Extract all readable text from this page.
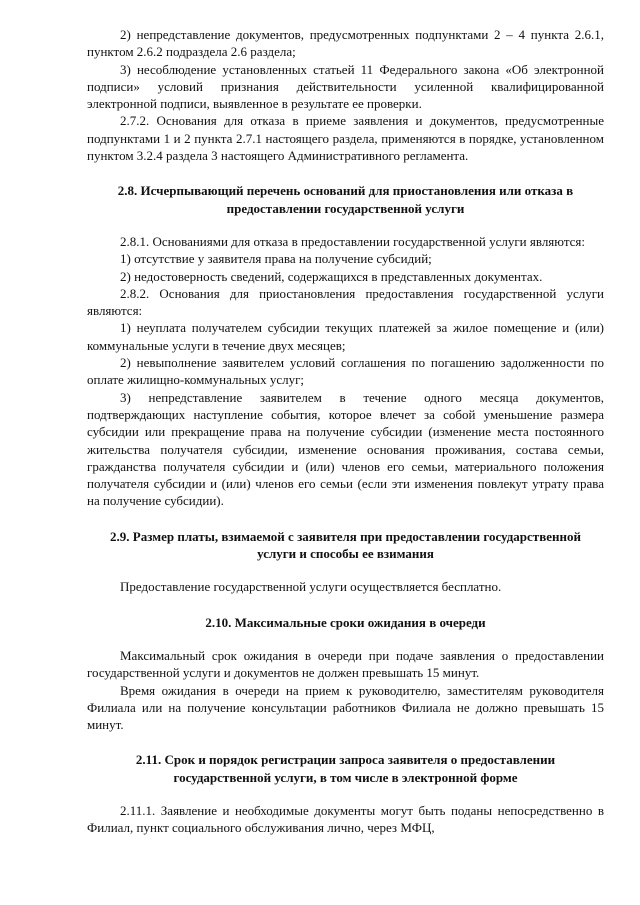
2) непредставление документов, предусмотренных подпунктами 2 – 4 пункта 2.6.1, пунктом 2.6.2 подраздела 2.6 раздела;

3) несоблюдение установленных статьей 11 Федерального закона «Об электронной подписи» условий признания действительности усиленной квалифицированной электронной подписи, выявленное в результате ее проверки.

2.7.2. Основания для отказа в приеме заявления и документов, предусмотренные подпунктами 1 и 2 пункта 2.7.1 настоящего раздела, применяются в порядке, установленном пунктом 3.2.4 раздела 3 настоящего Административного регламента.

2.8. Исчерпывающий перечень оснований для приостановления или отказа в предоставлении государственной услуги

2.8.1. Основаниями для отказа в предоставлении государственной услуги являются:

1) отсутствие у заявителя права на получение субсидий;

2) недостоверность сведений, содержащихся в представленных документах.

2.8.2. Основания для приостановления предоставления государственной услуги являются:

1) неуплата получателем субсидии текущих платежей за жилое помещение и (или) коммунальные услуги в течение двух месяцев;

2) невыполнение заявителем условий соглашения по погашению задолженности по оплате жилищно-коммунальных услуг;

3) непредставление заявителем в течение одного месяца документов, подтверждающих наступление события, которое влечет за собой уменьшение размера субсидии или прекращение права на получение субсидии (изменение места постоянного жительства получателя субсидии, изменение основания проживания, состава семьи, гражданства получателя субсидии и (или) членов его семьи, материального положения получателя субсидии и (или) членов его семьи (если эти изменения повлекут утрату права на получение субсидии).

2.9. Размер платы, взимаемой с заявителя при предоставлении государственной услуги и способы ее взимания

Предоставление государственной услуги осуществляется бесплатно.

2.10. Максимальные сроки ожидания в очереди

Максимальный срок ожидания в очереди при подаче заявления о предоставлении государственной услуги и документов не должен превышать 15 минут.

Время ожидания в очереди на прием к руководителю, заместителям руководителя Филиала или на получение консультации работников Филиала не должно превышать 15 минут.

2.11. Срок и порядок регистрации запроса заявителя о предоставлении государственной услуги, в том числе в электронной форме

2.11.1. Заявление и необходимые документы могут быть поданы непосредственно в Филиал, пункт социального обслуживания лично, через МФЦ,
